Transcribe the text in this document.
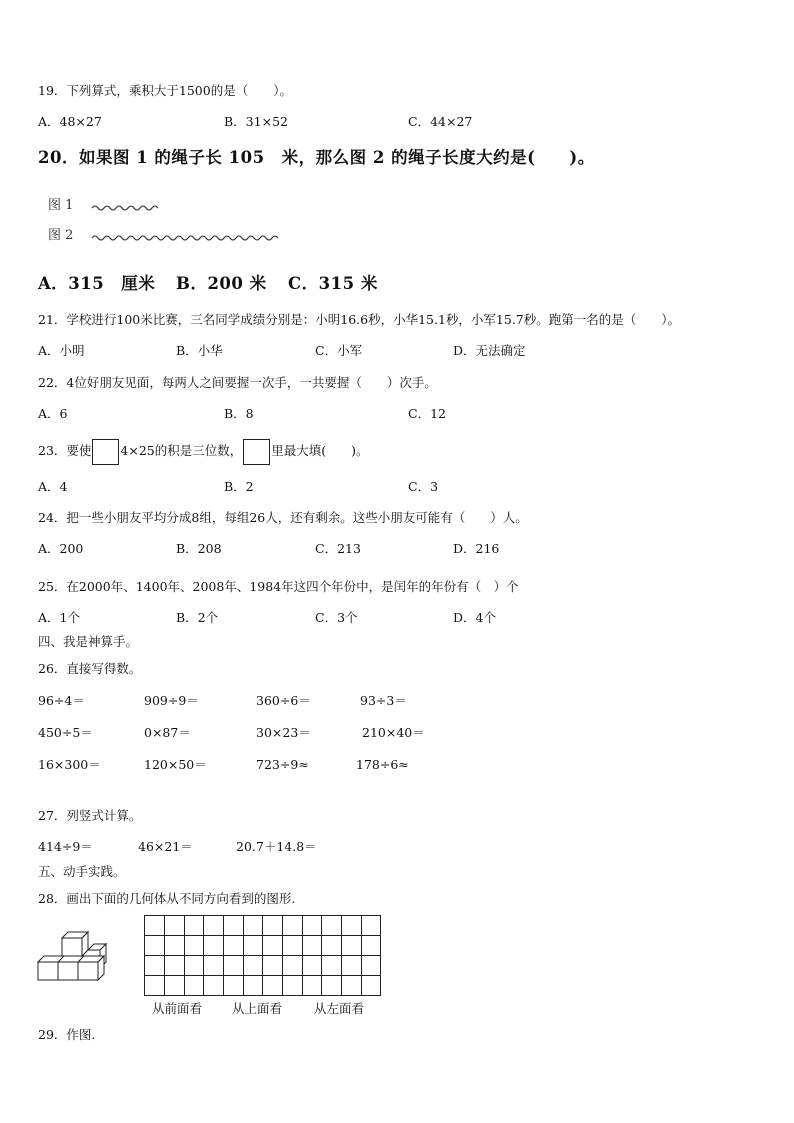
19．下列算式，乘积大于1500的是（　　）。
A．48×27	B．31×52	C．44×27
20．如果图 1 的绳子长 105　米，那么图 2 的绳子长度大约是(　　)。
图 1
图 2
A．315　厘米 B．200 米 C．315 米
21．学校进行100米比赛，三名同学成绩分别是：小明16.6秒，小华15.1秒，小军15.7秒。跑第一名的是（　　）。
A．小明	B．小华	C．小军	D．无法确定
22．4位好朋友见面，每两人之间要握一次手，一共要握（　　）次手。
A．6	B．8	C．12
23．要使 4×25的积是三位数， 里最大填(　　)。
A．4	B．2	C．3
24．把一些小朋友平均分成8组，每组26人，还有剩余。这些小朋友可能有（　　）人。
A．200	B．208	C．213	D．216
25．在2000年、1400年、2008年、1984年这四个年份中，是闰年的年份有（　）个
A．1个	B．2个	C．3个	D．4个
四、我是神算手。
26．直接写得数。
96÷4＝	909÷9＝	360÷6＝	93÷3＝
450÷5＝	0×87＝	30×23＝	210×40＝
16×300＝	120×50＝	723÷9≈	178÷6≈
27．列竖式计算。
414÷9＝	46×21＝	20.7＋14.8＝
五、动手实践。
28．画出下面的几何体从不同方向看到的图形.
从前面看 从上面看	从左面看
29．作图.
